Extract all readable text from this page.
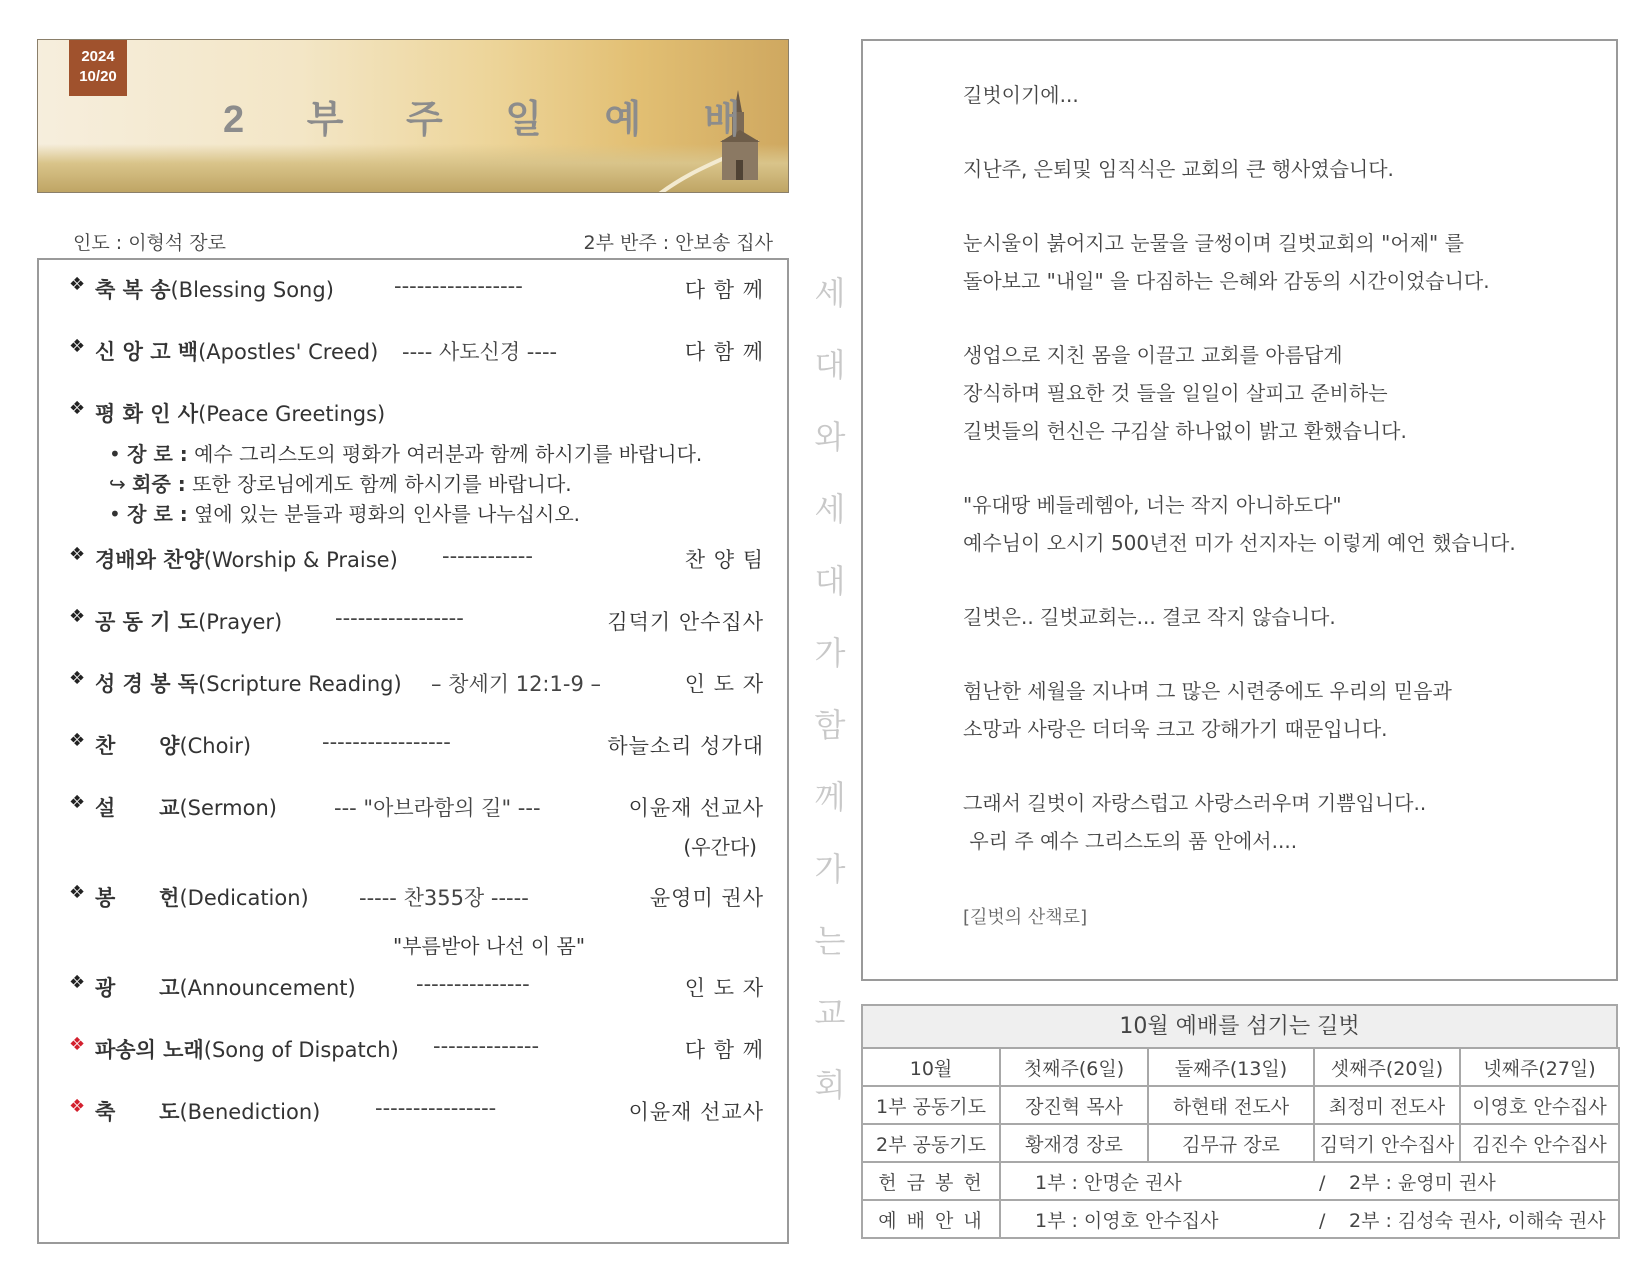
2024
10/20
2 부 주 일 예 배
인도 : 이형석 장로	2부 반주 : 안보송 집사
❖ 축 복 송(Blessing Song)	-----------------	다 함 께
❖ 신 앙 고 백(Apostles' Creed) ---- 사도신경 ----	다 함 께
❖ 평 화 인 사(Peace Greetings)
• 장 로 : 예수 그리스도의 평화가 여러분과 함께 하시기를 바랍니다.
↪ 회중 : 또한 장로님에게도 함께 하시기를 바랍니다.
• 장 로 : 옆에 있는 분들과 평화의 인사를 나누십시오.
❖ 경배와 찬양(Worship & Praise) ------------	찬 양 팀
❖ 공 동 기 도(Prayer)	-----------------	김덕기 안수집사
❖ 성 경 봉 독(Scripture Reading) – 창세기 12:1-9 –	인 도 자
❖ 찬      양(Choir)	-----------------	하늘소리 성가대
❖ 설      교(Sermon)	--- "아브라함의 길" ---	이윤재 선교사
(우간다)
❖ 봉      헌(Dedication) ----- 찬355장 -----	윤영미 권사
"부름받아 나선 이 몸"
❖ 광      고(Announcement)	---------------	인 도 자
❖ 파송의 노래(Song of Dispatch) --------------	다 함 께
❖ 축      도(Benediction)	----------------	이윤재 선교사
세
대
와
세
대
가
함
께
가
는
교
회
길벗이기에...
지난주, 은퇴및 임직식은 교회의 큰 행사였습니다.
눈시울이 붉어지고 눈물을 글썽이며 길벗교회의 "어제" 를
돌아보고 "내일" 을 다짐하는 은혜와 감동의 시간이었습니다.
생업으로 지친 몸을 이끌고 교회를 아름답게
장식하며 필요한 것 들을 일일이 살피고 준비하는
길벗들의 헌신은 구김살 하나없이 밝고 환했습니다.
"유대땅 베들레헴아, 너는 작지 아니하도다"
예수님이 오시기 500년전 미가 선지자는 이렇게 예언 했습니다.
길벗은.. 길벗교회는... 결코 작지 않습니다.
험난한 세월을 지나며 그 많은 시련중에도 우리의 믿음과
소망과 사랑은 더더욱 크고 강해가기 때문입니다.
그래서 길벗이 자랑스럽고 사랑스러우며 기쁨입니다..
우리 주 예수 그리스도의 품 안에서....
[길벗의 산책로]
10월 예배를 섬기는 길벗
10월	첫째주(6일)	둘째주(13일)	셋째주(20일)	넷째주(27일)
1부 공동기도	장진혁 목사	하현태 전도사	최정미 전도사	이영호 안수집사
2부 공동기도	황재경 장로	김무규 장로	김덕기 안수집사	김진수 안수집사
헌 금 봉 헌	1부 : 안명순 권사 / 2부 : 윤영미 권사			
예 배 안 내	1부 : 이영호 안수집사 / 2부 : 김성숙 권사, 이해숙 권사			
